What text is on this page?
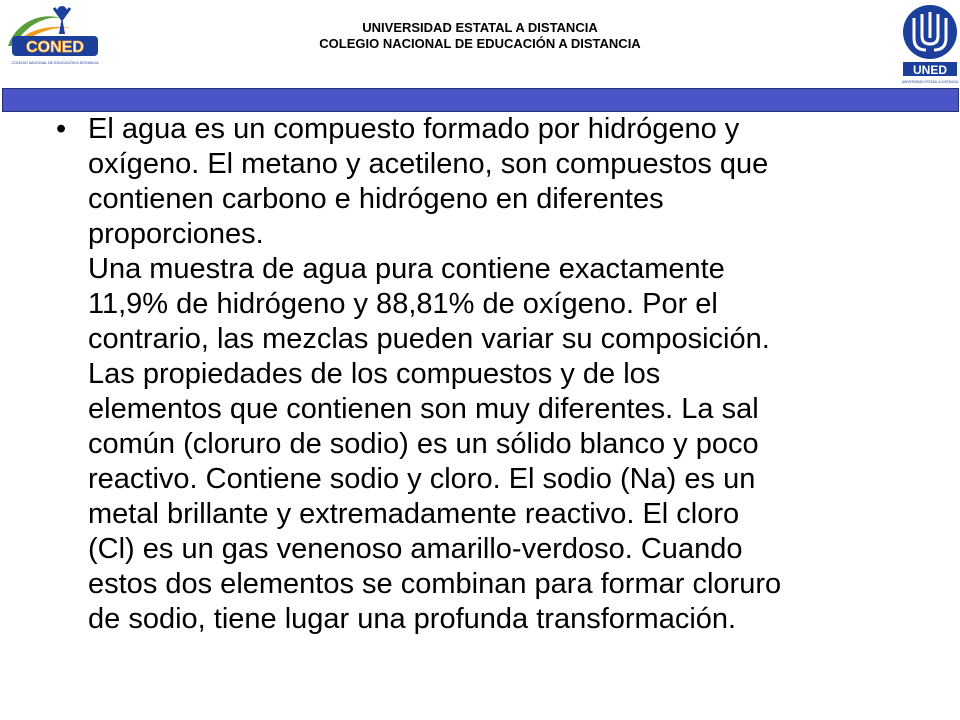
CONED
COLEGIO NACIONAL DE EDUCACIÓN A DISTANCIA
UNIVERSIDAD ESTATAL A DISTANCIA
COLEGIO NACIONAL DE EDUCACIÓN A DISTANCIA
UNED
UNIVERSIDAD ESTATAL A DISTANCIA
• El agua es un compuesto formado por hidrógeno y
oxígeno. El metano y acetileno, son compuestos que
contienen carbono e hidrógeno en diferentes
proporciones.
Una muestra de agua pura contiene exactamente
11,9% de hidrógeno y 88,81% de oxígeno. Por el
contrario, las mezclas pueden variar su composición.
Las propiedades de los compuestos y de los
elementos que contienen son muy diferentes. La sal
común (cloruro de sodio) es un sólido blanco y poco
reactivo. Contiene sodio y cloro. El sodio (Na) es un
metal brillante y extremadamente reactivo. El cloro
(Cl) es un gas venenoso amarillo-verdoso. Cuando
estos dos elementos se combinan para formar cloruro
de sodio, tiene lugar una profunda transformación.
